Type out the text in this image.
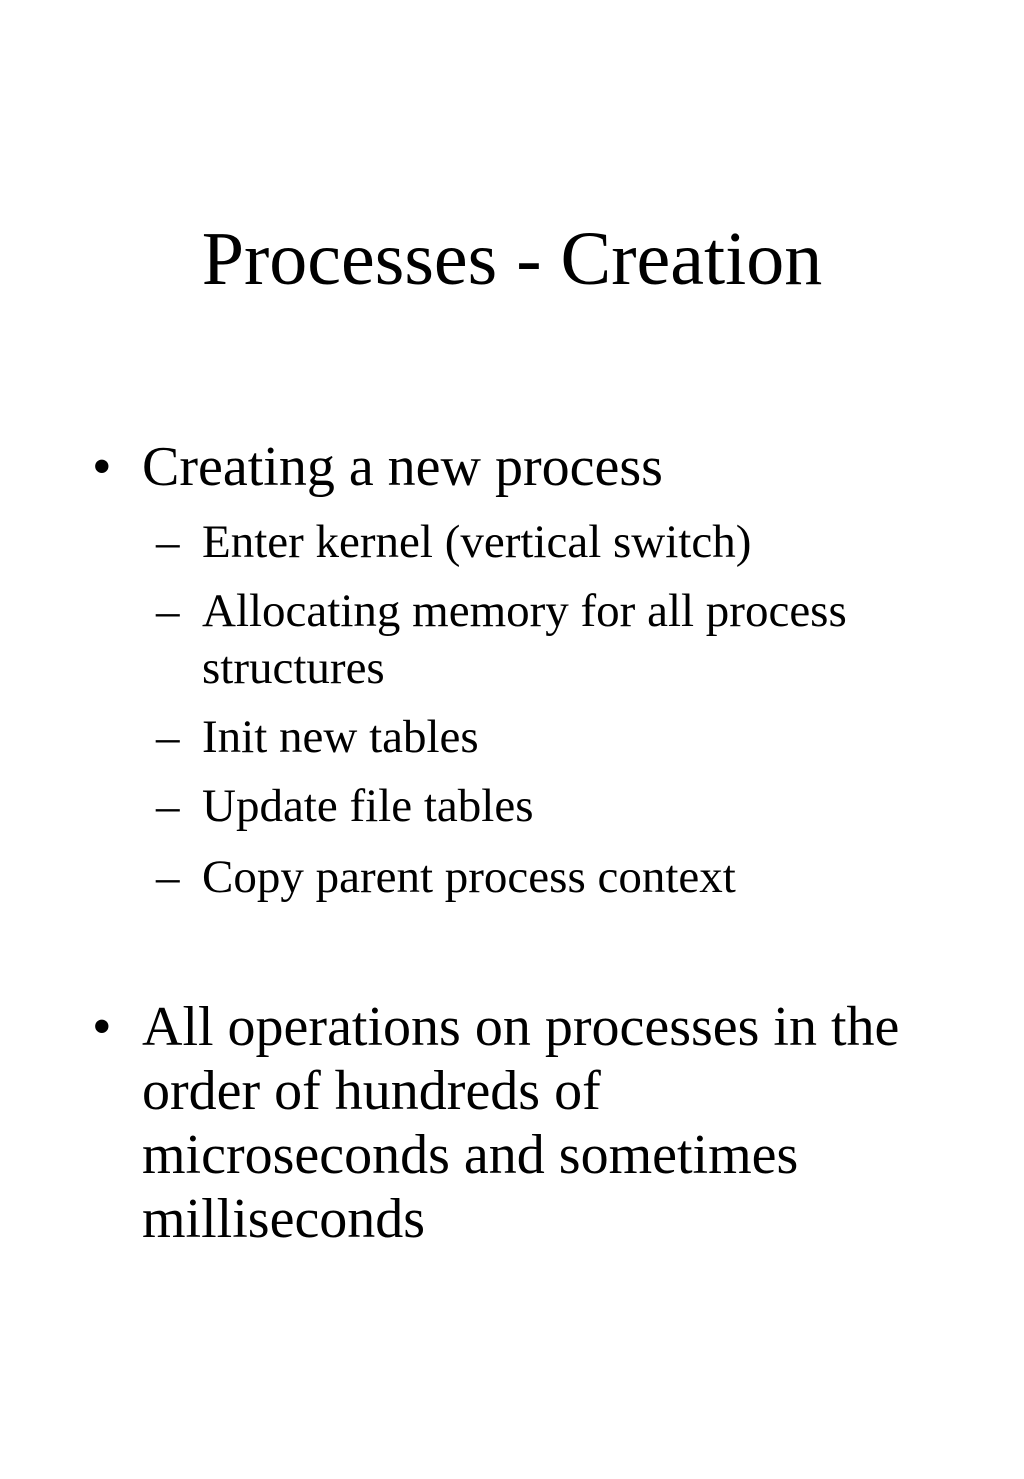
Processes - Creation
• Creating a new process
– Enter kernel (vertical switch)
– Allocating memory for all process structures
– Init new tables
– Update file tables
– Copy parent process context
• All operations on processes in the order of hundreds of microseconds and sometimes milliseconds
